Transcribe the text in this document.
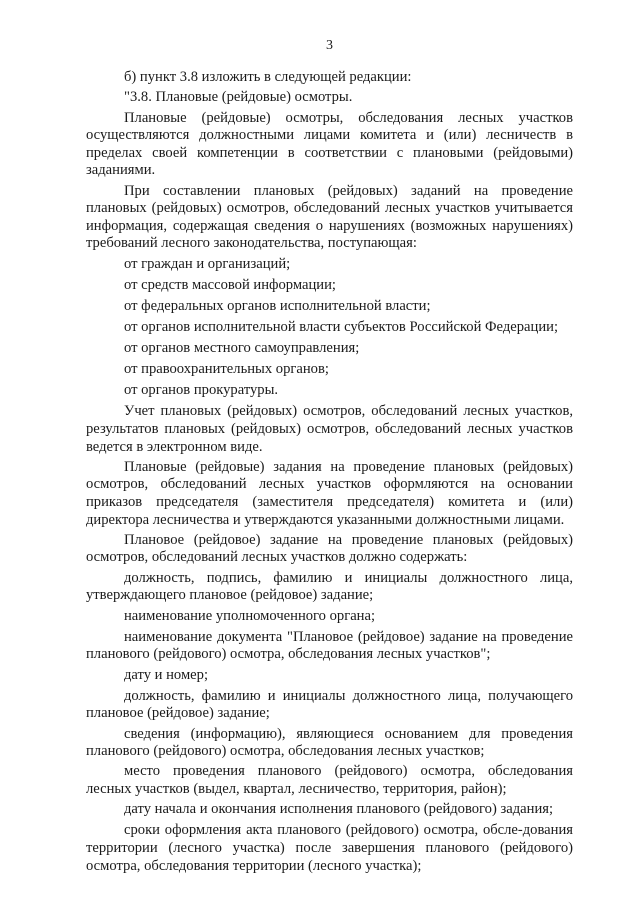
3

б) пункт 3.8 изложить в следующей редакции:

"3.8. Плановые (рейдовые) осмотры.

Плановые (рейдовые) осмотры, обследования лесных участков осуществляются должностными лицами комитета и (или) лесничеств в пределах своей компетенции в соответствии с плановыми (рейдовыми) заданиями.

При составлении плановых (рейдовых) заданий на проведение плановых (рейдовых) осмотров, обследований лесных участков учитывается информация, содержащая сведения о нарушениях (возможных нарушениях) требований лесного законодательства, поступающая:

от граждан и организаций;

от средств массовой информации;

от федеральных органов исполнительной власти;

от органов исполнительной власти субъектов Российской Федерации;

от органов местного самоуправления;

от правоохранительных органов;

от органов прокуратуры.

Учет плановых (рейдовых) осмотров, обследований лесных участков, результатов плановых (рейдовых) осмотров, обследований лесных участков ведется в электронном виде.

Плановые (рейдовые) задания на проведение плановых (рейдовых) осмотров, обследований лесных участков оформляются на основании приказов председателя (заместителя председателя) комитета и (или) директора лесничества и утверждаются указанными должностными лицами.

Плановое (рейдовое) задание на проведение плановых (рейдовых) осмотров, обследований лесных участков должно содержать:

должность, подпись, фамилию и инициалы должностного лица, утверждающего плановое (рейдовое) задание;

наименование уполномоченного органа;

наименование документа "Плановое (рейдовое) задание на проведение планового (рейдового) осмотра, обследования лесных участков";

дату и номер;

должность, фамилию и инициалы должностного лица, получающего плановое (рейдовое) задание;

сведения (информацию), являющиеся основанием для проведения планового (рейдового) осмотра, обследования лесных участков;

место проведения планового (рейдового) осмотра, обследования лесных участков (выдел, квартал, лесничество, территория, район);

дату начала и окончания исполнения планового (рейдового) задания;

сроки оформления акта планового (рейдового) осмотра, обсле-дования территории (лесного участка) после завершения планового (рейдового) осмотра, обследования территории (лесного участка);
